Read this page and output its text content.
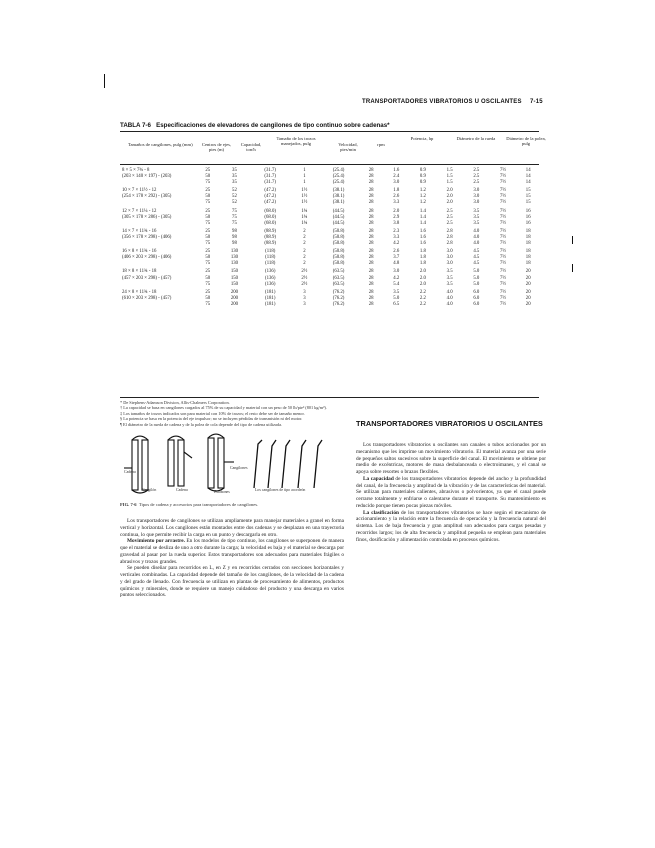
TRANSPORTADORES VIBRATORIOS U OSCILANTES	7-15
TABLA 7-6 Especificaciones de elevadores de cangilones de tipo continuo sobre cadenas*
Tamaños de cangilones, pulg (mm)	Centros de ejes, pies (m)
Capacidad, ton/h
Tamaño de los trozos manejados, pulg	Velocidad, pies/min
rpm
Potencia, hp	Diámetro de la rueda	Diámetro de la polea, pulg
8 × 5 × 7¾ - 8	25	35	(31.7)	1	(25.4)	28	1.6	0.9	1.5	2.5	7½	14
(203 × 140 × 197) - (203)	50	35	(31.7)	1	(25.4)	28	2.4	0.9	1.5	2.5	7½	14
	75	35	(31.7)	1	(25.4)	28	3.0	0.9	1.5	2.5	7½	14

10 × 7 × 11½ - 12	25	52	(47.2)	1½	(38.1)	28	1.8	1.2	2.0	3.0	7½	15
(254 × 178 × 292) - (305)	50	52	(47.2)	1½	(38.1)	28	2.6	1.2	2.0	3.0	7½	15
	75	52	(47.2)	1½	(38.1)	28	3.3	1.2	2.0	3.0	7½	15

12 × 7 × 11¼ - 12	25	75	(68.0)	1¾	(44.5)	28	2.0	1.4	2.5	3.5	7½	16
(305 × 178 × 286) - (305)	50	75	(68.0)	1¾	(44.5)	28	2.9	1.4	2.5	3.5	7½	16
	75	75	(68.0)	1¾	(44.5)	28	3.8	1.4	2.5	3.5	7½	16

14 × 7 × 11¾ - 16	25	98	(88.9)	2	(50.8)	28	2.3	1.6	2.8	4.0	7½	18
(356 × 178 × 298) - (406)	50	98	(88.9)	2	(50.8)	28	3.3	1.6	2.8	4.0	7½	18
	75	98	(88.9)	2	(50.8)	28	4.2	1.6	2.8	4.0	7½	18

16 × 8 × 11¾ - 16	25	130	(118)	2	(50.8)	28	2.6	1.8	3.0	4.5	7½	18
(406 × 203 × 298) - (406)	50	130	(118)	2	(50.8)	28	3.7	1.8	3.0	4.5	7½	18
	75	130	(118)	2	(50.8)	28	4.8	1.8	3.0	4.5	7½	18

18 × 8 × 11¾ - 18	25	150	(136)	2½	(63.5)	28	3.0	2.0	3.5	5.0	7½	20
(457 × 203 × 298) - (457)	50	150	(136)	2½	(63.5)	28	4.2	2.0	3.5	5.0	7½	20
	75	150	(136)	2½	(63.5)	28	5.4	2.0	3.5	5.0	7½	20

24 × 8 × 11¾ - 18	25	200	(181)	3	(76.2)	28	3.5	2.2	4.0	6.0	7½	20
(610 × 203 × 298) - (457)	50	200	(181)	3	(76.2)	28	5.0	2.2	4.0	6.0	7½	20
	75	200	(181)	3	(76.2)	28	6.5	2.2	4.0	6.0	7½	20

* De Stephens-Adamson Division, Allis-Chalmers Corporation.
† La capacidad se basa en cangilones cargados al 75% de su capacidad y material con un peso de 50 lb/pie³ (801 kg/m³).
‡ Los tamaños de trozos indicados son para material con 10% de trozos; el resto debe ser de tamaño menor.
§ La potencia se basa en la potencia del eje impulsor; no se incluyen pérdidas de transmisión ni del motor.
¶ El diámetro de la rueda de cadena y de la polea de cola depende del tipo de cadena utilizada.
Cadena
Cangilón	Cadena	Eslabones
Cangilones
Los cangilones de tipo acordeón
FIG. 7-6 Tipos de cadena y accesorios para transportadores de cangilones.

Los transportadores de cangilones se utilizan ampliamente para manejar materiales a granel en forma vertical y horizontal. Los cangilones están montados entre dos cadenas y se desplazan en una trayectoria continua, lo que permite recibir la carga en un punto y descargarla en otro.

Movimiento por arrastre. En los modelos de tipo continuo, los cangilones se superponen de manera que el material se desliza de uno a otro durante la carga; la velocidad es baja y el material se descarga por gravedad al pasar por la rueda superior. Estos transportadores son adecuados para materiales frágiles o abrasivos y trozos grandes.

Se pueden diseñar para recorridos en L, en Z y en recorridos cerrados con secciones horizontales y verticales combinadas. La capacidad depende del tamaño de los cangilones, de la velocidad de la cadena y del grado de llenado. Con frecuencia se utilizan en plantas de procesamiento de alimentos, productos químicos y minerales, donde se requiere un manejo cuidadoso del producto y una descarga en varios puntos seleccionados.

TRANSPORTADORES VIBRATORIOS U OSCILANTES

Los transportadores vibratorios u oscilantes son canales o tubos accionados por un mecanismo que les imprime un movimiento vibratorio. El material avanza por una serie de pequeños saltos sucesivos sobre la superficie del canal. El movimiento se obtiene por medio de excéntricas, motores de masa desbalanceada o electroimanes, y el canal se apoya sobre resortes o brazos flexibles.

La capacidad de los transportadores vibratorios depende del ancho y la profundidad del canal, de la frecuencia y amplitud de la vibración y de las características del material. Se utilizan para materiales calientes, abrasivos o polvorientos, ya que el canal puede cerrarse totalmente y enfriarse o calentarse durante el transporte. Su mantenimiento es reducido porque tienen pocas piezas móviles.

La clasificación de los transportadores vibratorios se hace según el mecanismo de accionamiento y la relación entre la frecuencia de operación y la frecuencia natural del sistema. Los de baja frecuencia y gran amplitud son adecuados para cargas pesadas y recorridos largos; los de alta frecuencia y amplitud pequeña se emplean para materiales finos, dosificación y alimentación controlada en procesos químicos.
